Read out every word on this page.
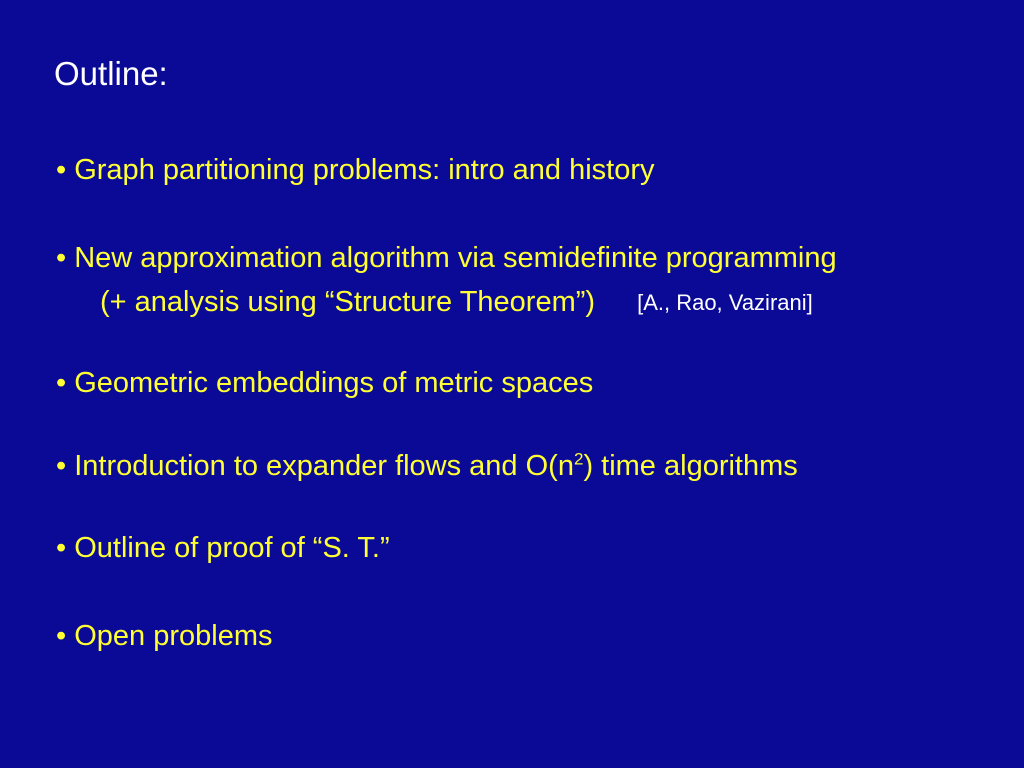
Outline:
• Graph partitioning problems: intro and history
• New approximation algorithm via semidefinite programming
(+ analysis using “Structure Theorem”) [A., Rao, Vazirani]
• Geometric embeddings of metric spaces
• Introduction to expander flows and $O(n^2)$ time algorithms
• Outline of proof of “S. T.”
• Open problems
